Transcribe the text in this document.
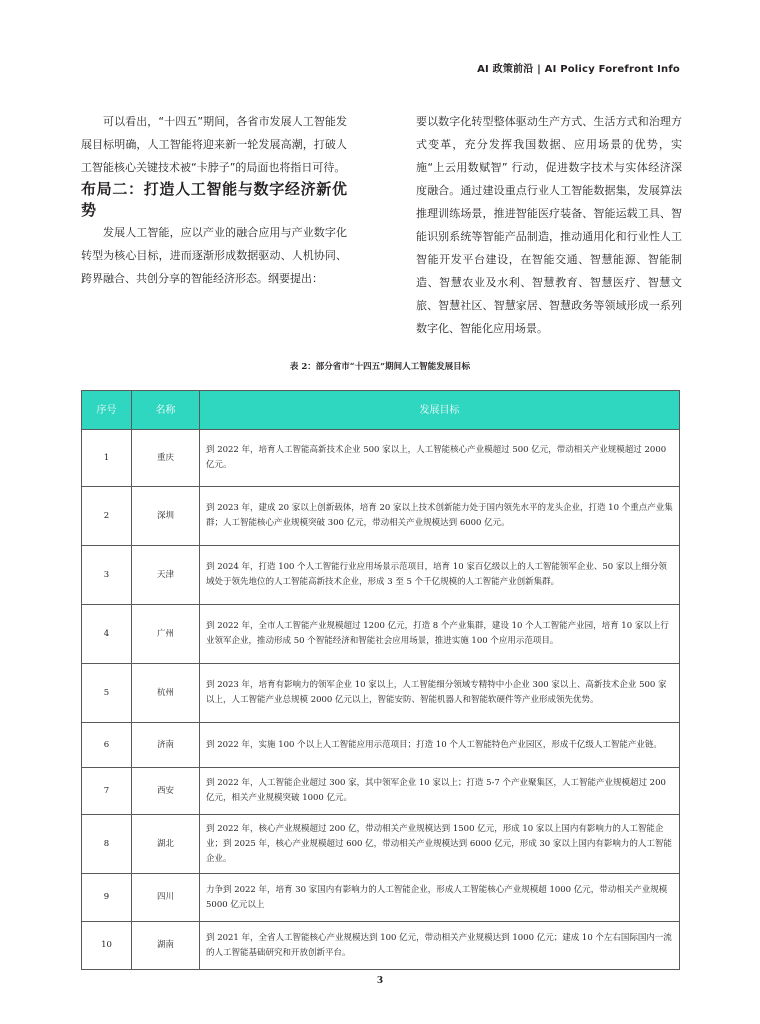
AI 政策前沿 | AI Policy Forefront Info

可以看出，“十四五”期间，各省市发展人工智能发展目标明确，人工智能将迎来新一轮发展高潮，打破人工智能核心关键技术被“卡脖子”的局面也将指日可待。

布局二：打造人工智能与数字经济新优势

发展人工智能，应以产业的融合应用与产业数字化转型为核心目标，进而逐渐形成数据驱动、人机协同、跨界融合、共创分享的智能经济形态。纲要提出：

要以数字化转型整体驱动生产方式、生活方式和治理方式变革，充分发挥我国数据、应用场景的优势，实施“上云用数赋智” 行动，促进数字技术与实体经济深度融合。通过建设重点行业人工智能数据集，发展算法推理训练场景，推进智能医疗装备、智能运载工具、智能识别系统等智能产品制造，推动通用化和行业性人工智能开发平台建设，在智能交通、智慧能源、智能制造、智慧农业及水利、智慧教育、智慧医疗、智慧文旅、智慧社区、智慧家居、智慧政务等领域形成一系列数字化、智能化应用场景。

表 2：部分省市“十四五”期间人工智能发展目标
序号	名称	发展目标
1	重庆	到 2022 年，培育人工智能高新技术企业 500 家以上，人工智能核心产业模超过 500 亿元，带动相关产业规模超过 2000 亿元。
2	深圳	到 2023 年，建成 20 家以上创新载体，培育 20 家以上技术创新能力处于国内领先水平的龙头企业，打造 10 个重点产业集群；人工智能核心产业规模突破 300 亿元，带动相关产业规模达到 6000 亿元。
3	天津	到 2024 年，打造 100 个人工智能行业应用场景示范项目，培育 10 家百亿级以上的人工智能领军企业、50 家以上细分领域处于领先地位的人工智能高新技术企业，形成 3 至 5 个千亿规模的人工智能产业创新集群。
4	广州	到 2022 年，全市人工智能产业规模超过 1200 亿元，打造 8 个产业集群，建设 10 个人工智能产业园，培育 10 家以上行业领军企业，推动形成 50 个智能经济和智能社会应用场景，推进实施 100 个应用示范项目。
5	杭州	到 2023 年，培育有影响力的领军企业 10 家以上，人工智能细分领域专精特中小企业 300 家以上、高新技术企业 500 家以上，人工智能产业总规模 2000 亿元以上，智能安防、智能机器人和智能软硬件等产业形成领先优势。
6	济南	到 2022 年，实施 100 个以上人工智能应用示范项目；打造 10 个人工智能特色产业园区，形成千亿级人工智能产业链。
7	西安	到 2022 年，人工智能企业超过 300 家，其中领军企业 10 家以上；打造 5-7 个产业聚集区，人工智能产业规模超过 200 亿元，相关产业规模突破 1000 亿元。
8	湖北	到 2022 年，核心产业规模超过 200 亿，带动相关产业规模达到 1500 亿元，形成 10 家以上国内有影响力的人工智能企业；到 2025 年，核心产业规模超过 600 亿，带动相关产业规模达到 6000 亿元，形成 30 家以上国内有影响力的人工智能企业。
9	四川	力争到 2022 年，培育 30 家国内有影响力的人工智能企业，形成人工智能核心产业规模超 1000 亿元，带动相关产业规模 5000 亿元以上
10	湖南	到 2021 年，全省人工智能核心产业规模达到 100 亿元，带动相关产业规模达到 1000 亿元；建成 10 个左右国际国内一流的人工智能基础研究和开放创新平台。
3
